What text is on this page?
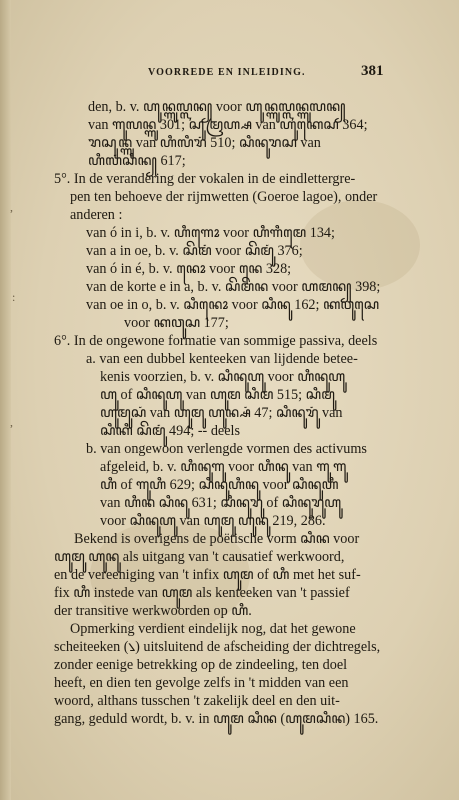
,
:
,
VOORREDE EN INLEIDING.	381
den, b. v. ꦲꦸꦤ꧀ꦒꦸꦭ꧀ꦭꦤ꧀ voor ꦲꦸꦤ꧀ꦒꦸꦭ꧀ꦭꦤ꧀ꦒꦸꦭꦤ꧀
van ꦒꦸꦭꦤ꧀ꦒꦸ 301; ꦱꦸꦩꦿꦲ꧀ꦱ van ꦲꦸꦏꦺꦱ 364;
ꦫꦱꦸꦤ꧀ꦒꦸ van ꦲꦶꦭꦶꦫꦁ 510; ꦱꦶꦤꦸꦫꦱ van
ꦲꦶꦭꦁꦱꦶꦤ꧀ 617;
5°. In de verandering der vokalen in de eindlettergre-
pen ten behoeve der rijmwetten (Goeroe lagoe), onder
anderen :
van ó in i, b. v. ꦲꦶꦒꦺꦴ voor ꦲꦶꦒꦶꦩꦺ 134;
van a in oe, b. v. ꦱꦼꦩꦁ voor ꦱꦼꦩꦸꦁ 376;
van ó in é, b. v. ꦤꦺꦴ voor ꦤꦺ 328;
van de korte e in a, b. v. ꦱꦼꦩꦼꦤ voor ꦲꦩꦤ꧀ 398;
van oe in o, b. v. ꦱꦶꦤꦺꦴ voor ꦱꦶꦤꦸ 162; ꦏꦮꦸꦱꦺ
voor ꦏꦮꦸꦱ 177;
6°. In de ongewone formatie van sommige passiva, deels
a. van een dubbel kenteeken van lijdende betee-
kenis voorzien, b. v. ꦱꦶꦤꦸꦲꦸ voor ꦲꦶꦤꦸꦲꦸ
ꦲꦸ of ꦱꦶꦤꦸꦲꦸ van ꦲꦸꦩ ꦱꦶꦩ 515; ꦱꦶꦩꦸ
ꦲꦸꦩꦸꦱꦁ van ꦲꦸꦩꦸ ꦲꦸꦤ꧀ꦱꦁ 47; ꦱꦶꦤꦸꦫꦸꦁ van
ꦱꦶꦏꦶ ꦱꦼꦩꦸꦁ 494; -- deels
b. van ongewoon verlengde vormen des activums
afgeleid, b. v. ꦲꦶꦤꦸꦒꦸ voor ꦲꦶꦤꦸ van ꦒꦸ ꦒꦸ
ꦲꦶ of ꦒꦸꦲꦶ 629; ꦱꦶꦤꦸꦲꦶꦤꦸ voor ꦱꦶꦤꦸꦲꦶ
van ꦲꦶꦤ ꦱꦶꦤꦸ 631; ꦱꦶꦤꦸꦫꦸ of ꦱꦶꦤꦸꦫꦸꦲꦸ
voor ꦱꦶꦤꦸꦲꦸ van ꦲꦸꦩꦸ ꦲꦸꦤꦸ 219, 286.
Bekend is overigens de poëtische vorm ꦱꦶꦤ voor
ꦲꦸꦩꦸ ꦲꦸꦤꦸ als uitgang van 't causatief werkwoord,
en de vereeniging van 't infix ꦲꦸꦩ of ꦲꦶ met het suf-
fix ꦲꦶ instede van ꦲꦸꦩ als kenteeken van 't passief
der transitive werkwoorden op ꦲꦶ.
Opmerking verdient eindelijk nog, dat het gewone
scheiteeken (꧈) uitsluitend de afscheiding der dichtregels,
zonder eenige betrekking op de zindeeling, ten doel
heeft, en dien ten gevolge zelfs in 't midden van een
woord, althans tusschen 't zakelijk deel en den uit-
gang, geduld wordt, b. v. in ꦲꦸꦩ ꦱꦶꦤ (ꦲꦸꦩꦱꦶꦤ) 165.
